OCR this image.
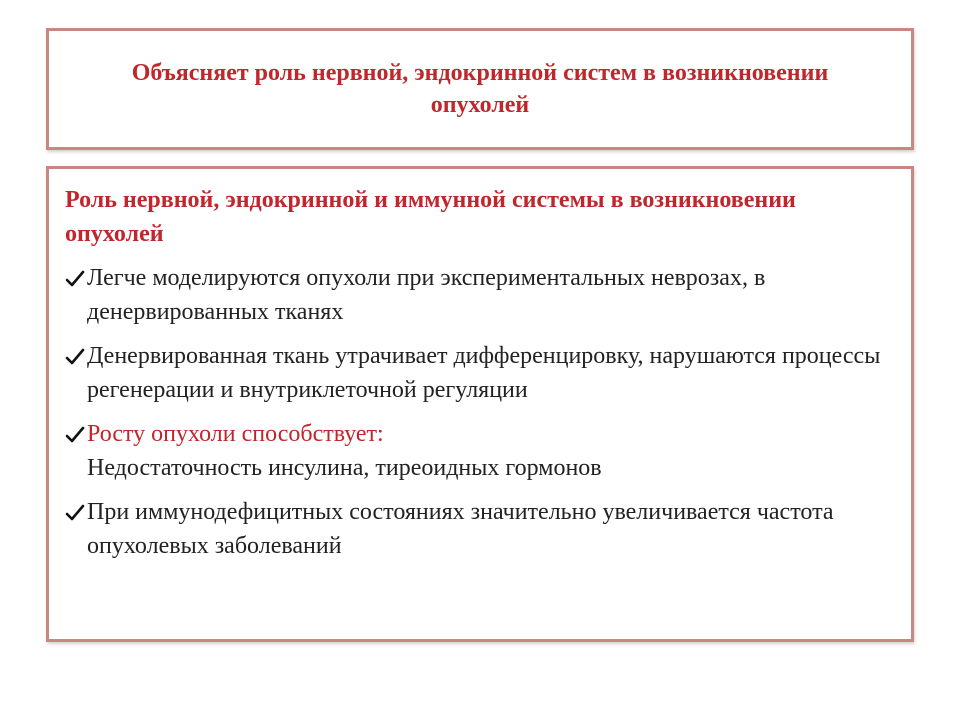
Объясняет роль нервной, эндокринной систем в возникновении опухолей
Роль нервной, эндокринной и иммунной системы в возникновении опухолей
Легче моделируются опухоли при экспериментальных неврозах, в денервированных тканях
Денервированная ткань утрачивает дифференцировку, нарушаются процессы регенерации и внутриклеточной регуляции
Росту опухоли способствует:
Недостаточность инсулина, тиреоидных гормонов
При иммунодефицитных состояниях значительно увеличивается частота опухолевых заболеваний
